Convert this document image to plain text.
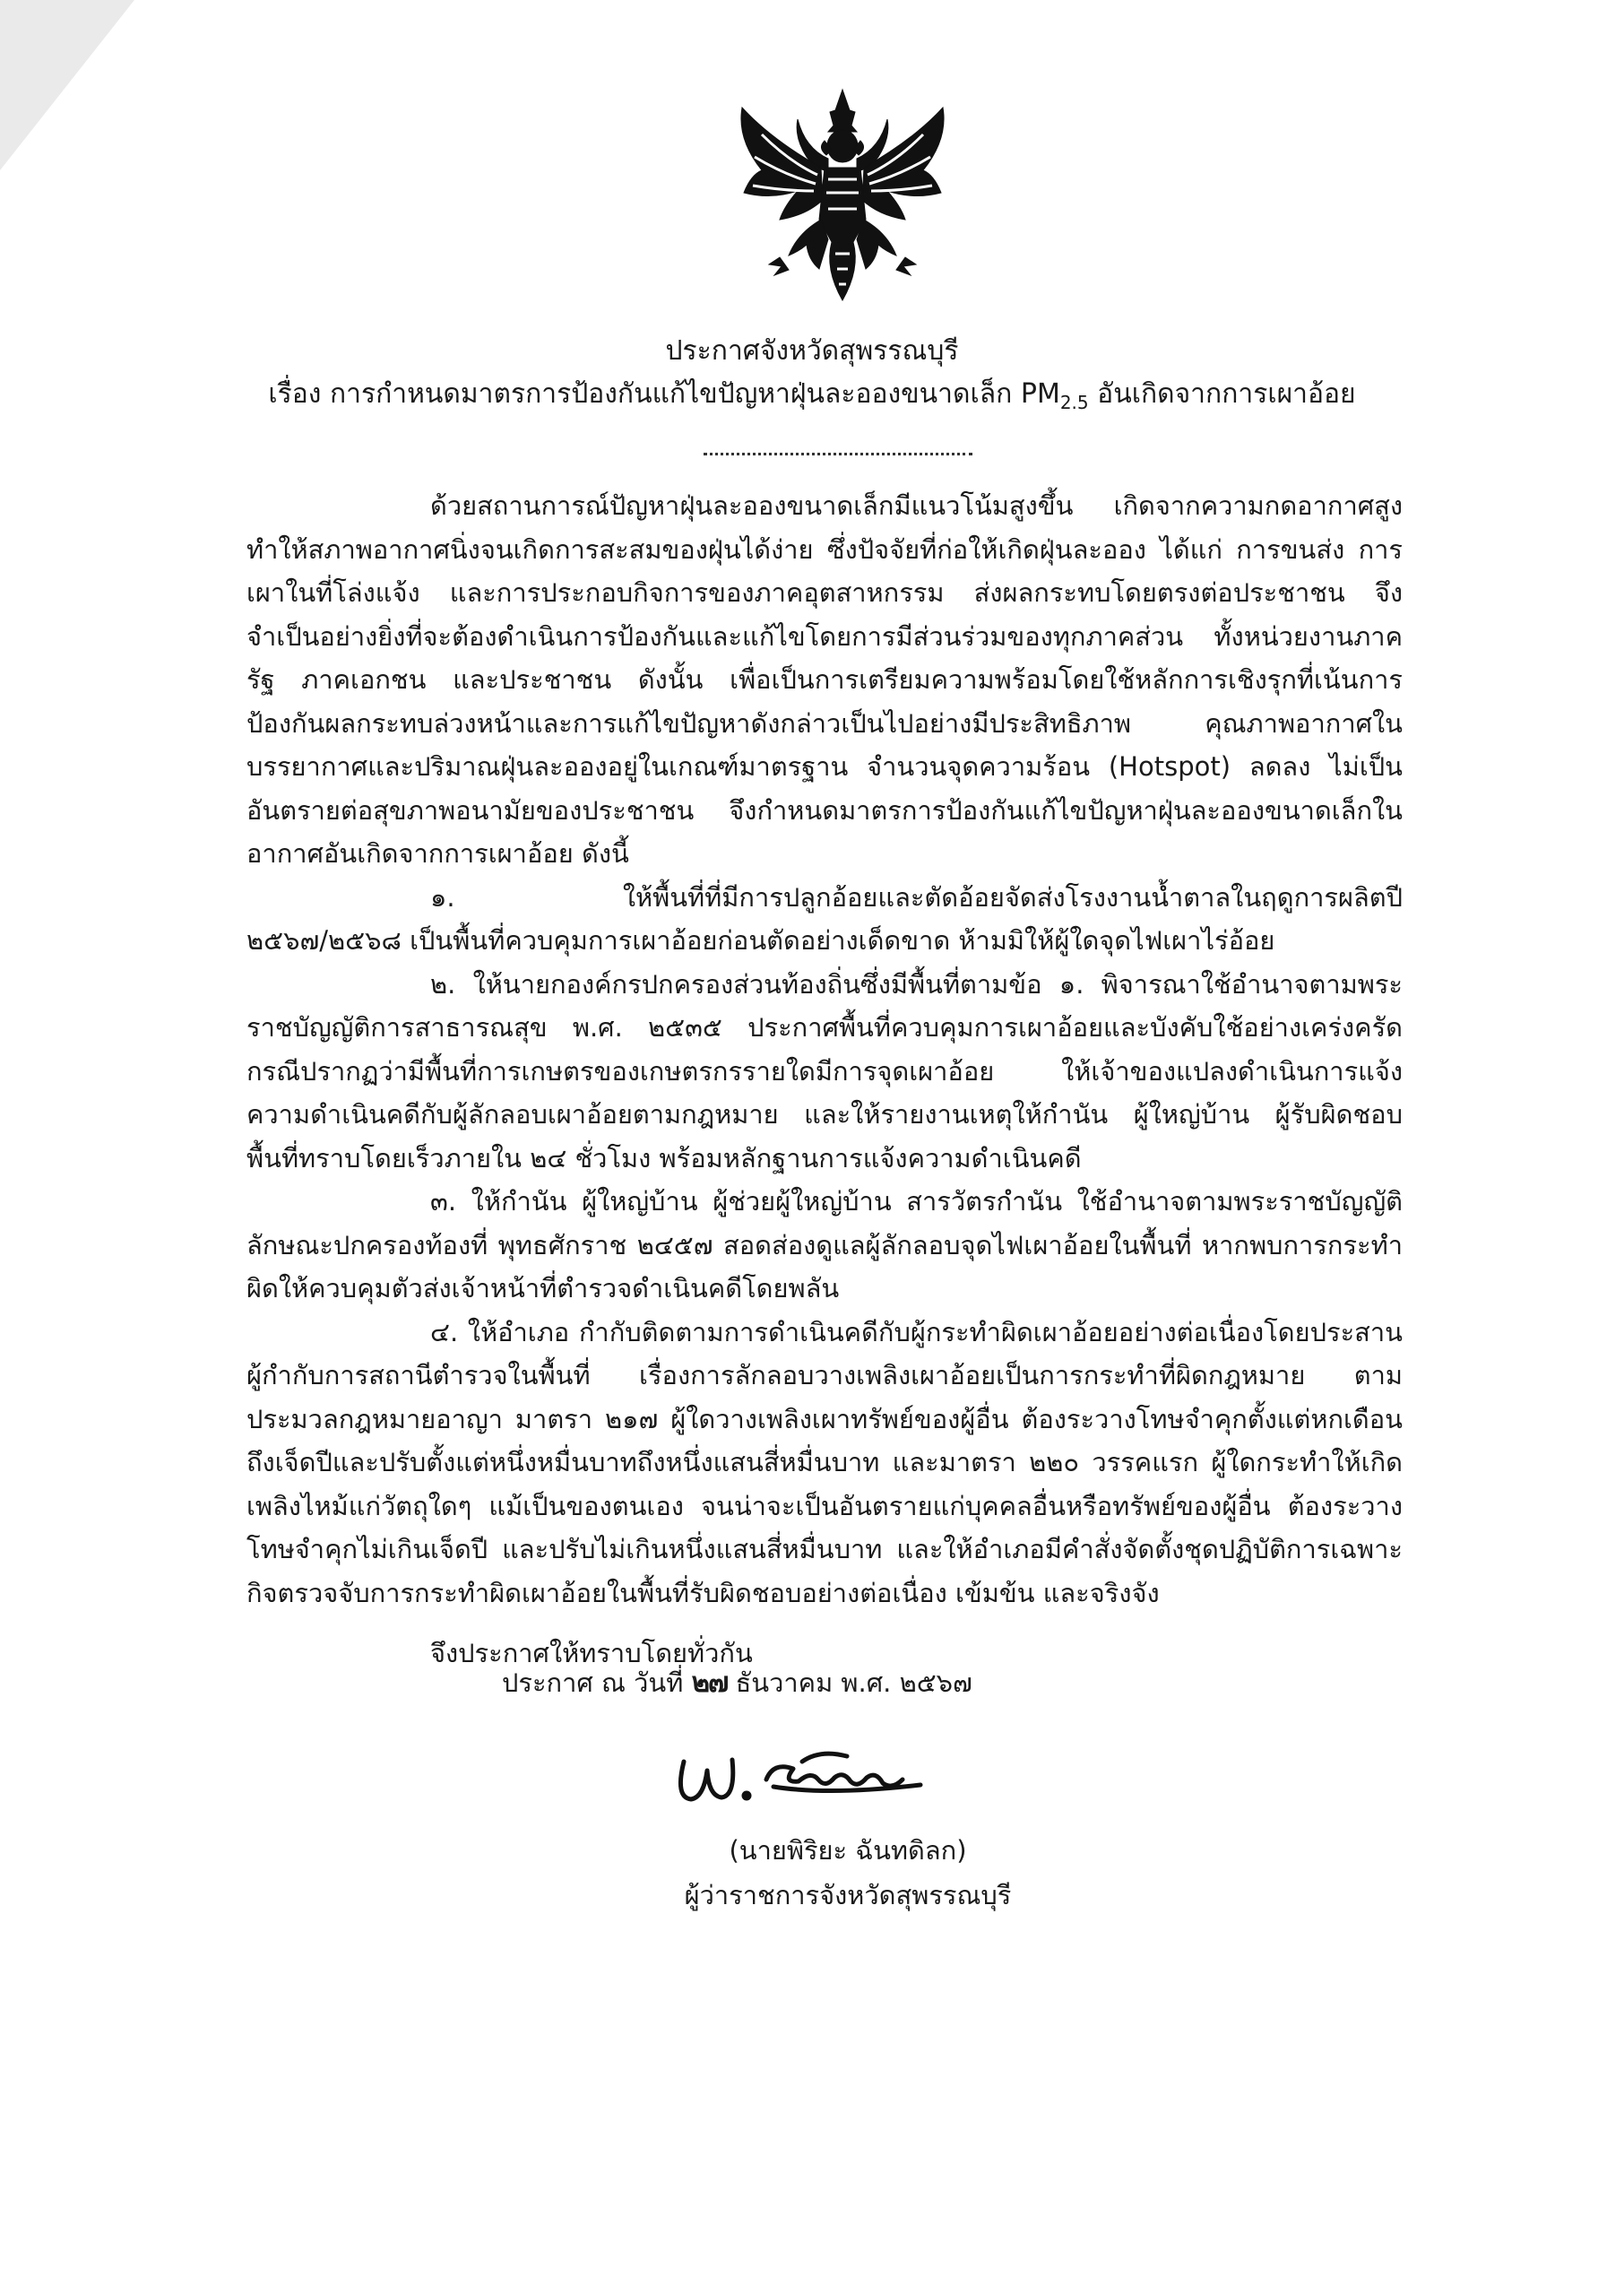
ประกาศจังหวัดสุพรรณบุรี
เรื่อง การกำหนดมาตรการป้องกันแก้ไขปัญหาฝุ่นละอองขนาดเล็ก $PM_{2.5}$ อันเกิดจากการเผาอ้อย

ด้วยสถานการณ์ปัญหาฝุ่นละอองขนาดเล็กมีแนวโน้มสูงขึ้น เกิดจากความกดอากาศสูง ทำให้สภาพอากาศนิ่งจนเกิดการสะสมของฝุ่นได้ง่าย ซึ่งปัจจัยที่ก่อให้เกิดฝุ่นละออง ได้แก่ การขนส่ง การเผาในที่โล่งแจ้ง และการประกอบกิจการของภาคอุตสาหกรรม ส่งผลกระทบโดยตรงต่อประชาชน จึงจำเป็นอย่างยิ่งที่จะต้องดำเนินการป้องกันและแก้ไขโดยการมีส่วนร่วมของทุกภาคส่วน ทั้งหน่วยงานภาครัฐ ภาคเอกชน และประชาชน ดังนั้น เพื่อเป็นการเตรียมความพร้อมโดยใช้หลักการเชิงรุกที่เน้นการป้องกันผลกระทบล่วงหน้าและการแก้ไขปัญหาดังกล่าวเป็นไปอย่างมีประสิทธิภาพ คุณภาพอากาศในบรรยากาศและปริมาณฝุ่นละอองอยู่ในเกณฑ์มาตรฐาน จำนวนจุดความร้อน (Hotspot) ลดลง ไม่เป็นอันตรายต่อสุขภาพอนามัยของประชาชน จึงกำหนดมาตรการป้องกันแก้ไขปัญหาฝุ่นละอองขนาดเล็กในอากาศอันเกิดจากการเผาอ้อย ดังนี้

๑. ให้พื้นที่ที่มีการปลูกอ้อยและตัดอ้อยจัดส่งโรงงานน้ำตาลในฤดูการผลิตปี ๒๕๖๗/๒๕๖๘ เป็นพื้นที่ควบคุมการเผาอ้อยก่อนตัดอย่างเด็ดขาด ห้ามมิให้ผู้ใดจุดไฟเผาไร่อ้อย

๒. ให้นายกองค์กรปกครองส่วนท้องถิ่นซึ่งมีพื้นที่ตามข้อ ๑. พิจารณาใช้อำนาจตามพระราชบัญญัติการสาธารณสุข พ.ศ. ๒๕๓๕ ประกาศพื้นที่ควบคุมการเผาอ้อยและบังคับใช้อย่างเคร่งครัด กรณีปรากฏว่ามีพื้นที่การเกษตรของเกษตรกรรายใดมีการจุดเผาอ้อย ให้เจ้าของแปลงดำเนินการแจ้งความดำเนินคดีกับผู้ลักลอบเผาอ้อยตามกฎหมาย และให้รายงานเหตุให้กำนัน ผู้ใหญ่บ้าน ผู้รับผิดชอบพื้นที่ทราบโดยเร็วภายใน ๒๔ ชั่วโมง พร้อมหลักฐานการแจ้งความดำเนินคดี

๓. ให้กำนัน ผู้ใหญ่บ้าน ผู้ช่วยผู้ใหญ่บ้าน สารวัตรกำนัน ใช้อำนาจตามพระราชบัญญัติลักษณะปกครองท้องที่ พุทธศักราช ๒๔๕๗ สอดส่องดูแลผู้ลักลอบจุดไฟเผาอ้อยในพื้นที่ หากพบการกระทำผิดให้ควบคุมตัวส่งเจ้าหน้าที่ตำรวจดำเนินคดีโดยพลัน

๔. ให้อำเภอ กำกับติดตามการดำเนินคดีกับผู้กระทำผิดเผาอ้อยอย่างต่อเนื่องโดยประสานผู้กำกับการสถานีตำรวจในพื้นที่ เรื่องการลักลอบวางเพลิงเผาอ้อยเป็นการกระทำที่ผิดกฎหมาย ตามประมวลกฎหมายอาญา มาตรา ๒๑๗ ผู้ใดวางเพลิงเผาทรัพย์ของผู้อื่น ต้องระวางโทษจำคุกตั้งแต่หกเดือนถึงเจ็ดปีและปรับตั้งแต่หนึ่งหมื่นบาทถึงหนึ่งแสนสี่หมื่นบาท และมาตรา ๒๒๐ วรรคแรก ผู้ใดกระทำให้เกิดเพลิงไหม้แก่วัตถุใดๆ แม้เป็นของตนเอง จนน่าจะเป็นอันตรายแก่บุคคลอื่นหรือทรัพย์ของผู้อื่น ต้องระวางโทษจำคุกไม่เกินเจ็ดปี และปรับไม่เกินหนึ่งแสนสี่หมื่นบาท และให้อำเภอมีคำสั่งจัดตั้งชุดปฏิบัติการเฉพาะกิจตรวจจับการกระทำผิดเผาอ้อยในพื้นที่รับผิดชอบอย่างต่อเนื่อง เข้มข้น และจริงจัง

จึงประกาศให้ทราบโดยทั่วกัน
ประกาศ ณ วันที่ ๒๗ ธันวาคม พ.ศ. ๒๕๖๗
(นายพิริยะ ฉันทดิลก)
ผู้ว่าราชการจังหวัดสุพรรณบุรี
